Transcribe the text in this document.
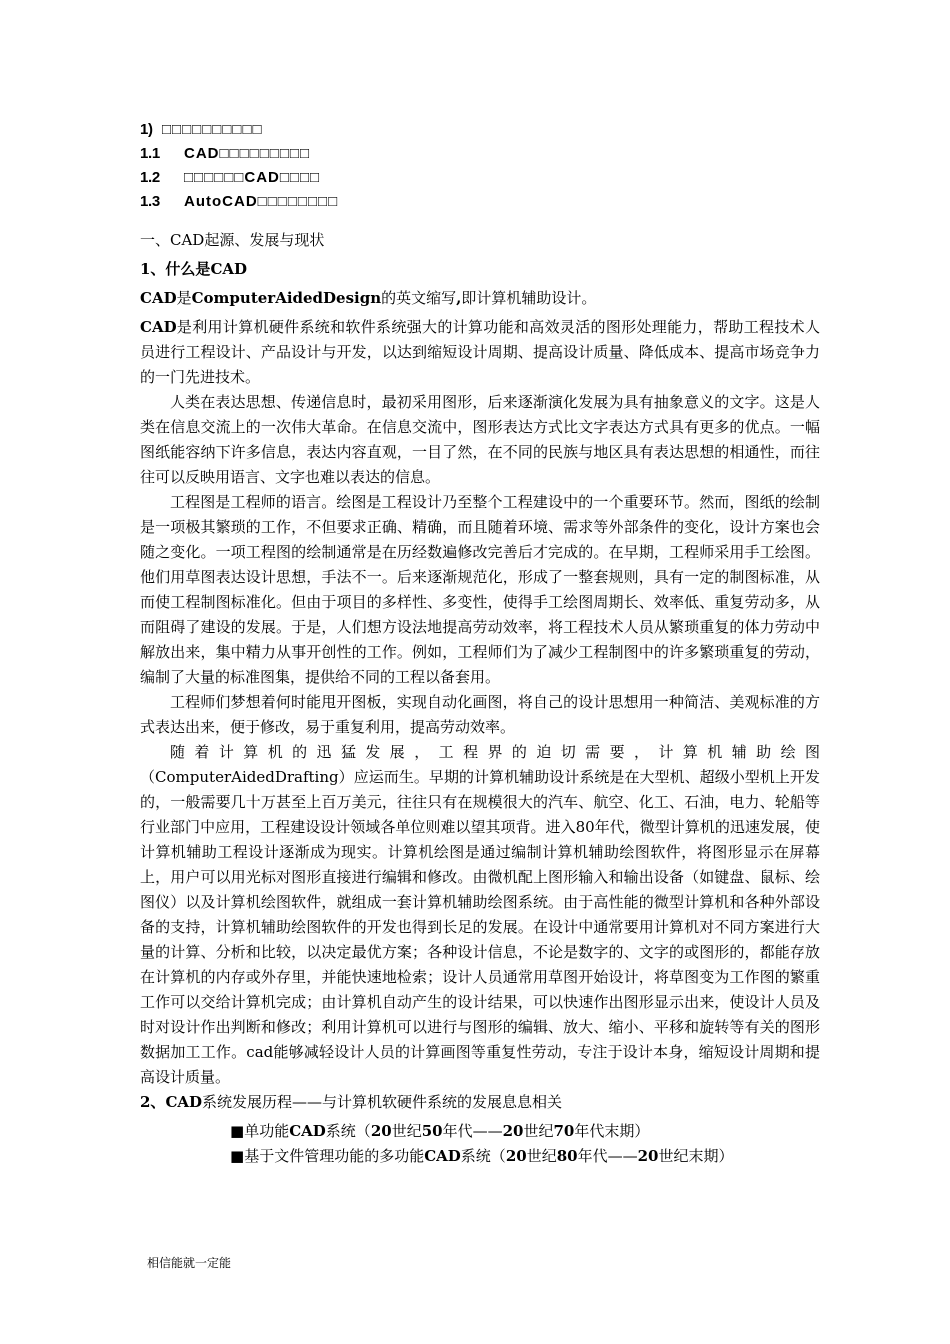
1) □□□□□□□□□□
1.1 CAD□□□□□□□□□
1.2 □□□□□□CAD□□□□
1.3 AutoCAD□□□□□□□□

一、CAD起源、发展与现状

1、什么是CAD

CAD是ComputerAidedDesign的英文缩写,即计算机辅助设计。

CAD是利用计算机硬件系统和软件系统强大的计算功能和高效灵活的图形处理能力，帮助工程技术人员进行工程设计、产品设计与开发，以达到缩短设计周期、提高设计质量、降低成本、提高市场竞争力的一门先进技术。

人类在表达思想、传递信息时，最初采用图形，后来逐渐演化发展为具有抽象意义的文字。这是人类在信息交流上的一次伟大革命。在信息交流中，图形表达方式比文字表达方式具有更多的优点。一幅图纸能容纳下许多信息，表达内容直观，一目了然，在不同的民族与地区具有表达思想的相通性，而往往可以反映用语言、文字也难以表达的信息。

工程图是工程师的语言。绘图是工程设计乃至整个工程建设中的一个重要环节。然而，图纸的绘制是一项极其繁琐的工作，不但要求正确、精确，而且随着环境、需求等外部条件的变化，设计方案也会随之变化。一项工程图的绘制通常是在历经数遍修改完善后才完成的。在早期，工程师采用手工绘图。他们用草图表达设计思想，手法不一。后来逐渐规范化，形成了一整套规则，具有一定的制图标准，从而使工程制图标准化。但由于项目的多样性、多变性，使得手工绘图周期长、效率低、重复劳动多，从而阻碍了建设的发展。于是，人们想方设法地提高劳动效率，将工程技术人员从繁琐重复的体力劳动中解放出来，集中精力从事开创性的工作。例如，工程师们为了减少工程制图中的许多繁琐重复的劳动，编制了大量的标准图集，提供给不同的工程以备套用。

工程师们梦想着何时能甩开图板，实现自动化画图，将自己的设计思想用一种简洁、美观标准的方式表达出来，便于修改，易于重复利用，提高劳动效率。

随着计算机的迅猛发展，工程界的迫切需要，计算机辅助绘图

（ComputerAidedDrafting）应运而生。早期的计算机辅助设计系统是在大型机、超级小型机上开发的，一般需要几十万甚至上百万美元，往往只有在规模很大的汽车、航空、化工、石油，电力、轮船等行业部门中应用，工程建设设计领域各单位则难以望其项背。进入80年代，微型计算机的迅速发展，使计算机辅助工程设计逐渐成为现实。计算机绘图是通过编制计算机辅助绘图软件，将图形显示在屏幕上，用户可以用光标对图形直接进行编辑和修改。由微机配上图形输入和输出设备（如键盘、鼠标、绘图仪）以及计算机绘图软件，就组成一套计算机辅助绘图系统。由于高性能的微型计算机和各种外部设备的支持，计算机辅助绘图软件的开发也得到长足的发展。在设计中通常要用计算机对不同方案进行大量的计算、分析和比较，以决定最优方案；各种设计信息，不论是数字的、文字的或图形的，都能存放在计算机的内存或外存里，并能快速地检索；设计人员通常用草图开始设计，将草图变为工作图的繁重工作可以交给计算机完成；由计算机自动产生的设计结果，可以快速作出图形显示出来，使设计人员及时对设计作出判断和修改；利用计算机可以进行与图形的编辑、放大、缩小、平移和旋转等有关的图形数据加工工作。cad能够减轻设计人员的计算画图等重复性劳动，专注于设计本身，缩短设计周期和提高设计质量。

2、CAD系统发展历程——与计算机软硬件系统的发展息息相关

■单功能CAD系统（20世纪50年代——20世纪70年代末期）

■基于文件管理功能的多功能CAD系统（20世纪80年代——20世纪末期）

相信能就一定能
